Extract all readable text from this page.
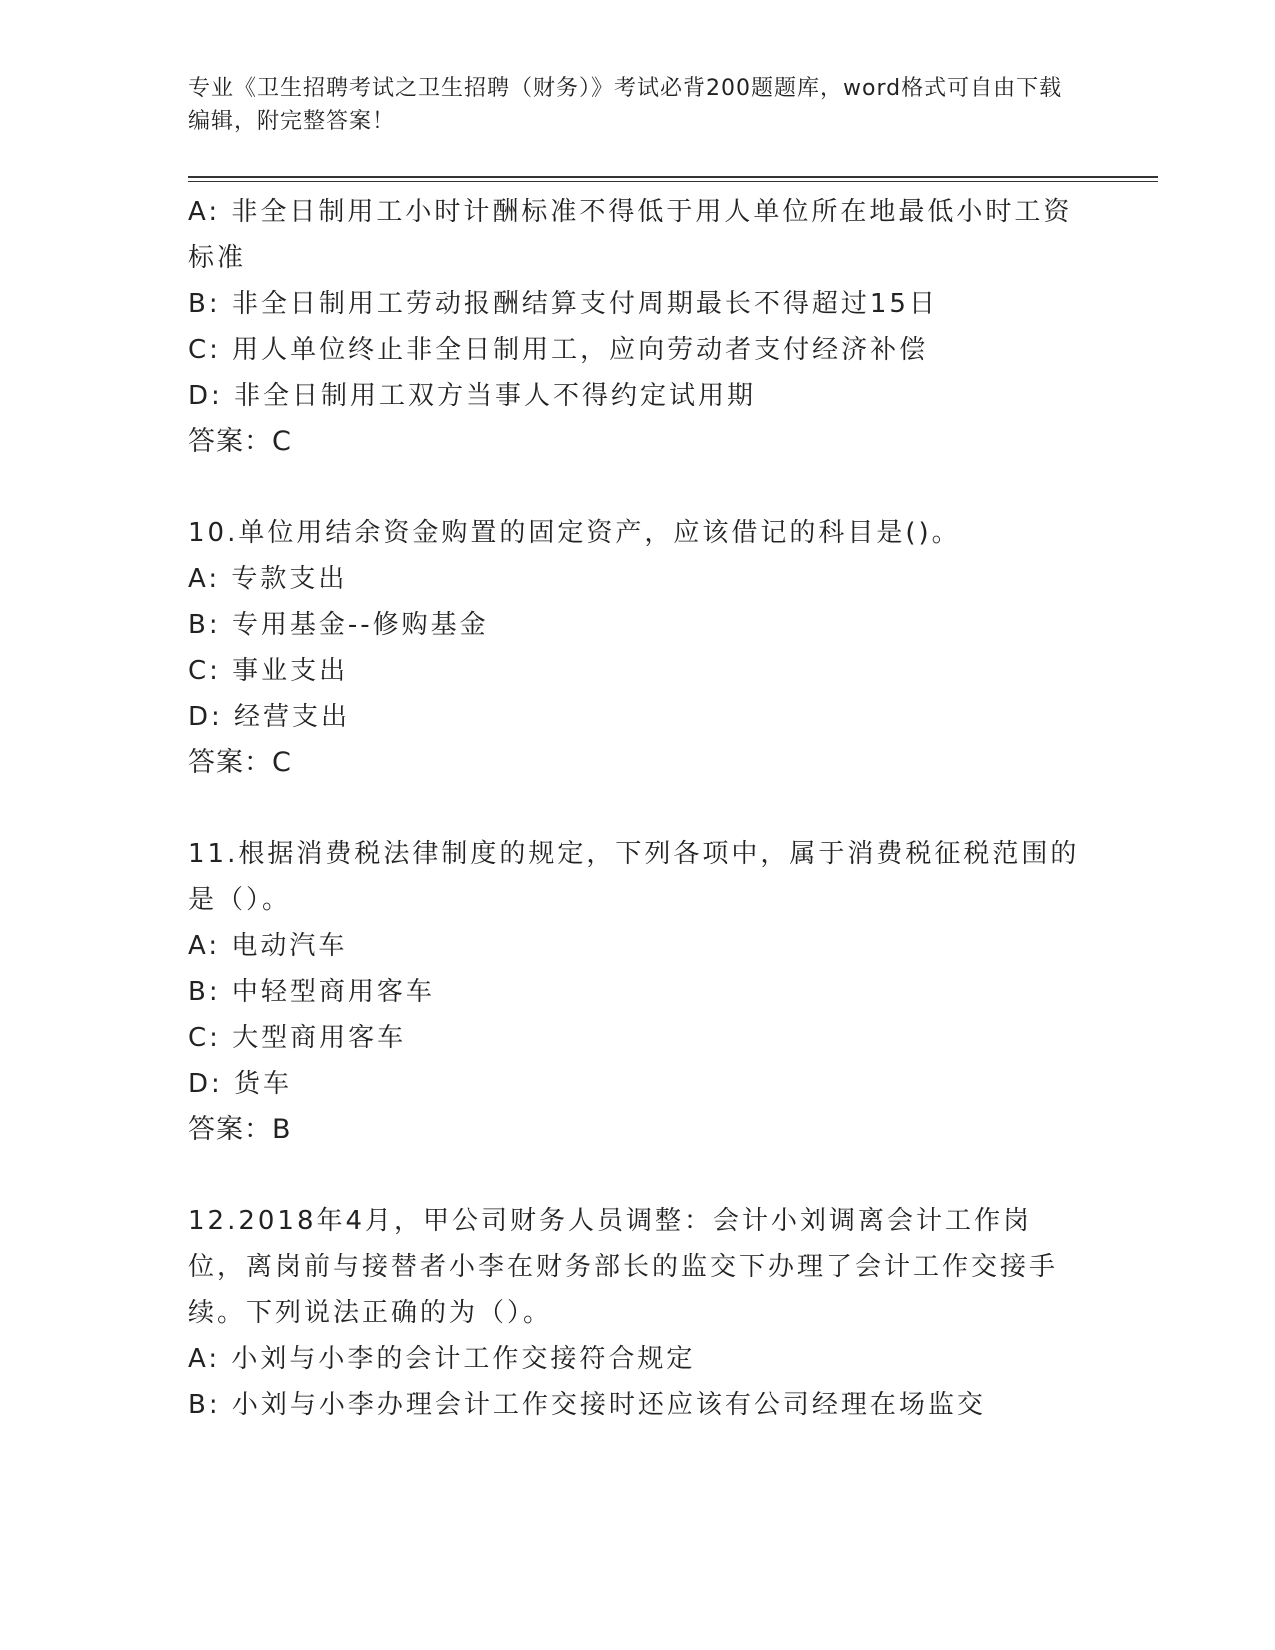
专业《卫生招聘考试之卫生招聘（财务）》考试必背200题题库，word格式可自由下载编辑，附完整答案！
A: 非全日制用工小时计酬标准不得低于用人单位所在地最低小时工资标准
B: 非全日制用工劳动报酬结算支付周期最长不得超过15日
C: 用人单位终止非全日制用工，应向劳动者支付经济补偿
D: 非全日制用工双方当事人不得约定试用期
答案：C
10.单位用结余资金购置的固定资产，应该借记的科目是()。
A: 专款支出
B: 专用基金--修购基金
C: 事业支出
D: 经营支出
答案：C
11.根据消费税法律制度的规定，下列各项中，属于消费税征税范围的是（）。
A: 电动汽车
B: 中轻型商用客车
C: 大型商用客车
D: 货车
答案：B
12.2018年4月，甲公司财务人员调整：会计小刘调离会计工作岗位，离岗前与接替者小李在财务部长的监交下办理了会计工作交接手续。下列说法正确的为（）。
A: 小刘与小李的会计工作交接符合规定
B: 小刘与小李办理会计工作交接时还应该有公司经理在场监交
